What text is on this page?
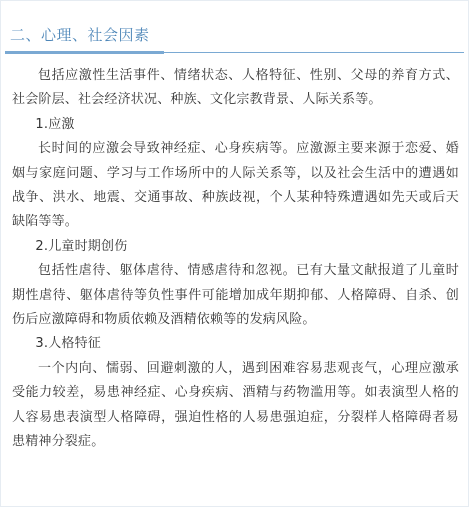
二、心理、社会因素

包括应激性生活事件、情绪状态、人格特征、性别、父母的养育方式、社会阶层、社会经济状况、种族、文化宗教背景、人际关系等。

1.应激

长时间的应激会导致神经症、心身疾病等。应激源主要来源于恋爱、婚姻与家庭问题、学习与工作场所中的人际关系等，以及社会生活中的遭遇如战争、洪水、地震、交通事故、种族歧视，个人某种特殊遭遇如先天或后天缺陷等等。

2.儿童时期创伤

包括性虐待、躯体虐待、情感虐待和忽视。已有大量文献报道了儿童时期性虐待、躯体虐待等负性事件可能增加成年期抑郁、人格障碍、自杀、创伤后应激障碍和物质依赖及酒精依赖等的发病风险。

3.人格特征

一个内向、懦弱、回避刺激的人，遇到困难容易悲观丧气，心理应激承受能力较差，易患神经症、心身疾病、酒精与药物滥用等。如表演型人格的人容易患表演型人格障碍，强迫性格的人易患强迫症，分裂样人格障碍者易患精神分裂症。
